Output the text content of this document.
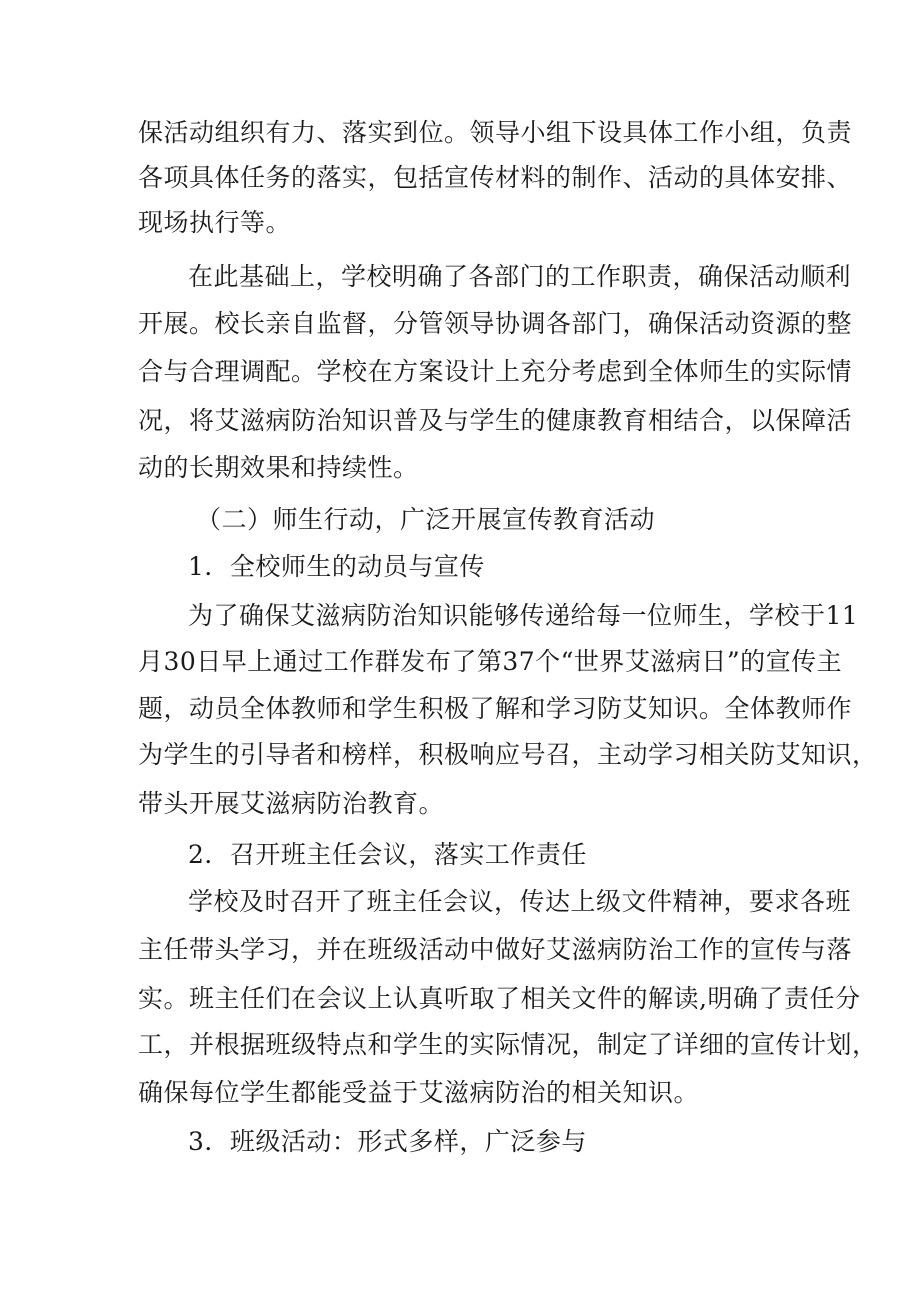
保活动组织有力、落实到位。领导小组下设具体工作小组，负责
各项具体任务的落实，包括宣传材料的制作、活动的具体安排、
现场执行等。
在此基础上，学校明确了各部门的工作职责，确保活动顺利
开展。校长亲自监督，分管领导协调各部门，确保活动资源的整
合与合理调配。学校在方案设计上充分考虑到全体师生的实际情
况，将艾滋病防治知识普及与学生的健康教育相结合，以保障活
动的长期效果和持续性。
（二）师生行动，广泛开展宣传教育活动
1．全校师生的动员与宣传
为了确保艾滋病防治知识能够传递给每一位师生，学校于11
月30日早上通过工作群发布了第37个“世界艾滋病日”的宣传主
题，动员全体教师和学生积极了解和学习防艾知识。全体教师作
为学生的引导者和榜样，积极响应号召，主动学习相关防艾知识，
带头开展艾滋病防治教育。
2．召开班主任会议，落实工作责任
学校及时召开了班主任会议，传达上级文件精神，要求各班
主任带头学习，并在班级活动中做好艾滋病防治工作的宣传与落
实。班主任们在会议上认真听取了相关文件的解读,明确了责任分
工，并根据班级特点和学生的实际情况，制定了详细的宣传计划，
确保每位学生都能受益于艾滋病防治的相关知识。
3．班级活动：形式多样，广泛参与
